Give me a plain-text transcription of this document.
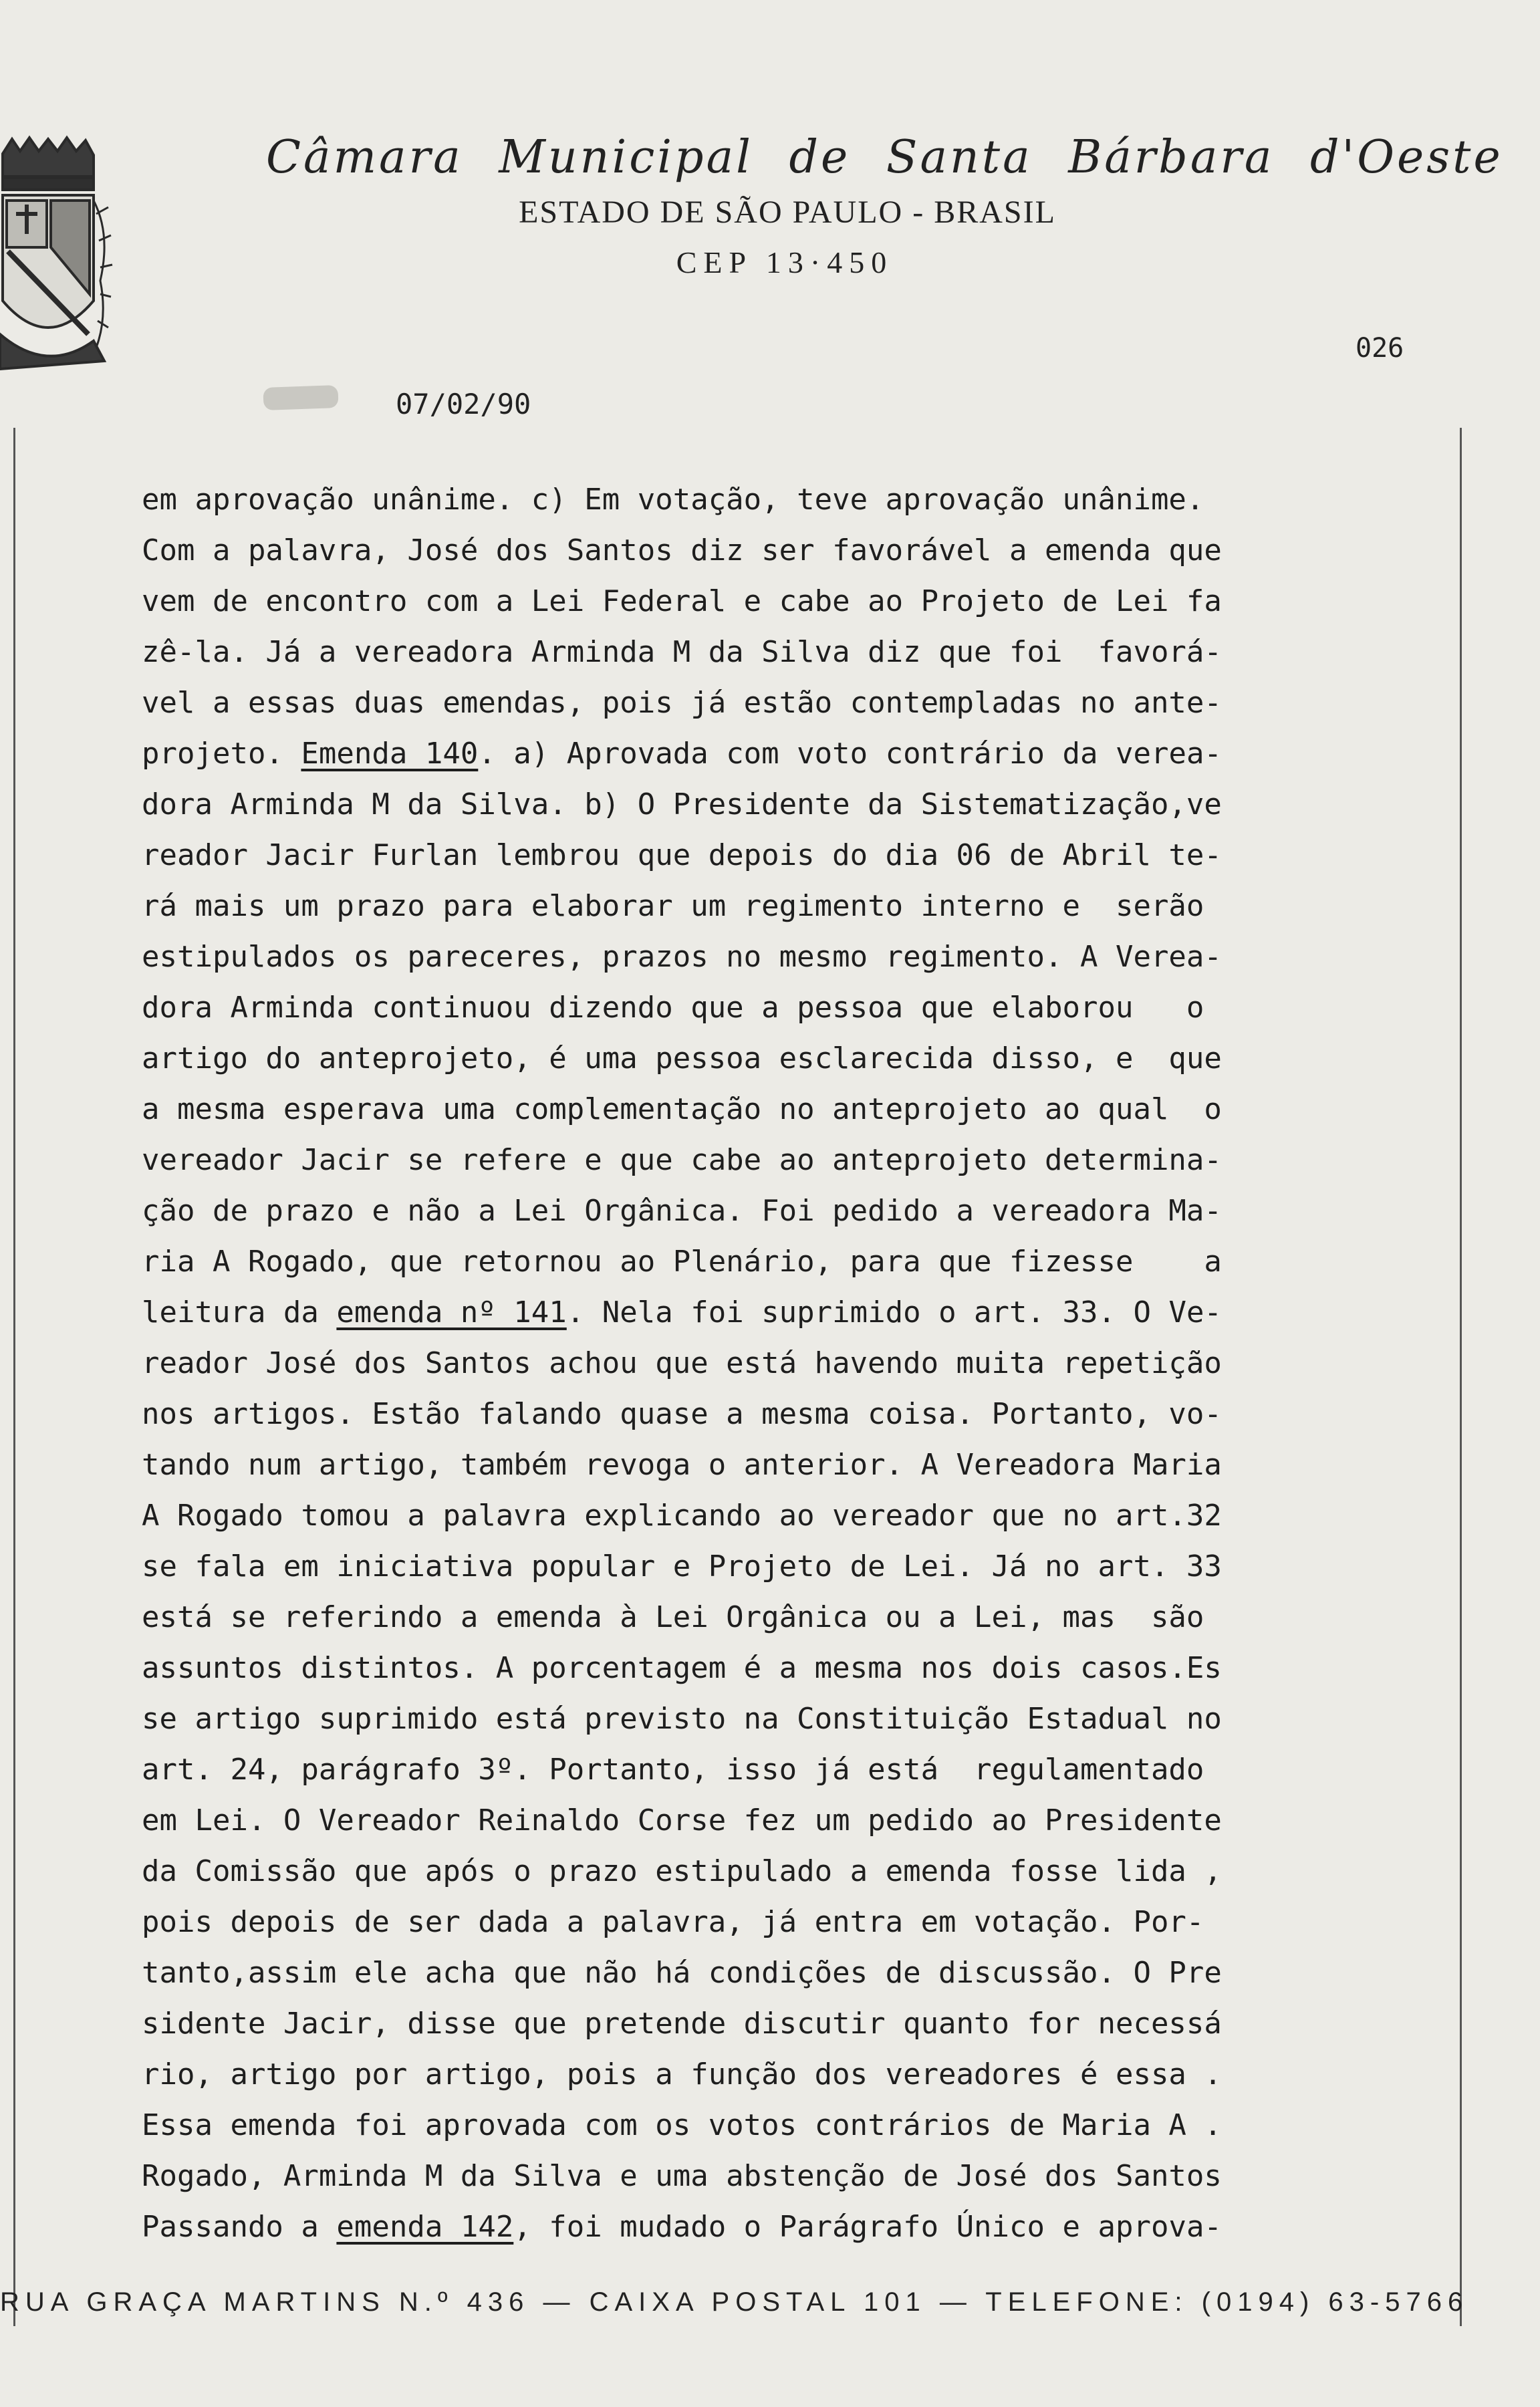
Câmara Municipal de Santa Bárbara d'Oeste
ESTADO DE SÃO PAULO - BRASIL
CEP 13·450
026
07/02/90
em aprovação unânime. c) Em votação, teve aprovação unânime.
Com a palavra, José dos Santos diz ser favorável a emenda que
vem de encontro com a Lei Federal e cabe ao Projeto de Lei fa
zê-la. Já a vereadora Arminda M da Silva diz que foi  favorá-
vel a essas duas emendas, pois já estão contempladas no ante-
projeto. Emenda 140. a) Aprovada com voto contrário da verea-
dora Arminda M da Silva. b) O Presidente da Sistematização,ve
reador Jacir Furlan lembrou que depois do dia 06 de Abril te-
rá mais um prazo para elaborar um regimento interno e  serão
estipulados os pareceres, prazos no mesmo regimento. A Verea-
dora Arminda continuou dizendo que a pessoa que elaborou   o
artigo do anteprojeto, é uma pessoa esclarecida disso, e  que
a mesma esperava uma complementação no anteprojeto ao qual  o
vereador Jacir se refere e que cabe ao anteprojeto determina-
ção de prazo e não a Lei Orgânica. Foi pedido a vereadora Ma-
ria A Rogado, que retornou ao Plenário, para que fizesse    a
leitura da emenda nº 141. Nela foi suprimido o art. 33. O Ve-
reador José dos Santos achou que está havendo muita repetição
nos artigos. Estão falando quase a mesma coisa. Portanto, vo-
tando num artigo, também revoga o anterior. A Vereadora Maria
A Rogado tomou a palavra explicando ao vereador que no art.32
se fala em iniciativa popular e Projeto de Lei. Já no art. 33
está se referindo a emenda à Lei Orgânica ou a Lei, mas  são
assuntos distintos. A porcentagem é a mesma nos dois casos.Es
se artigo suprimido está previsto na Constituição Estadual no
art. 24, parágrafo 3º. Portanto, isso já está  regulamentado
em Lei. O Vereador Reinaldo Corse fez um pedido ao Presidente
da Comissão que após o prazo estipulado a emenda fosse lida ,
pois depois de ser dada a palavra, já entra em votação. Por-
tanto,assim ele acha que não há condições de discussão. O Pre
sidente Jacir, disse que pretende discutir quanto for necessá
rio, artigo por artigo, pois a função dos vereadores é essa .
Essa emenda foi aprovada com os votos contrários de Maria A .
Rogado, Arminda M da Silva e uma abstenção de José dos Santos
Passando a emenda 142, foi mudado o Parágrafo Único e aprova-
RUA GRAÇA MARTINS N.º 436 — CAIXA POSTAL 101 — TELEFONE: (0194) 63-5766
